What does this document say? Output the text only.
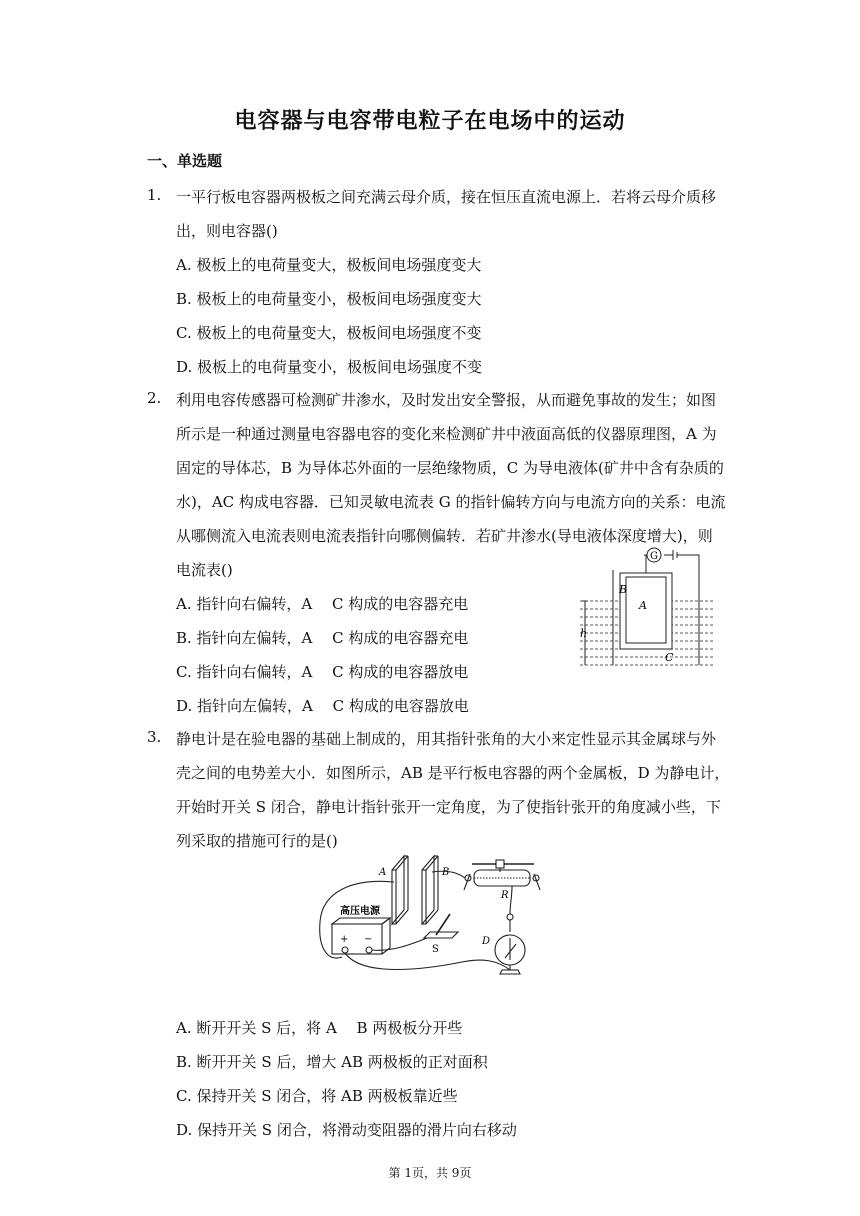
电容器与电容带电粒子在电场中的运动
一、单选题
1. 一平行板电容器两极板之间充满云母介质，接在恒压直流电源上．若将云母介质移
出，则电容器()
A. 极板上的电荷量变大，极板间电场强度变大
B. 极板上的电荷量变小，极板间电场强度变大
C. 极板上的电荷量变大，极板间电场强度不变
D. 极板上的电荷量变小，极板间电场强度不变
2. 利用电容传感器可检测矿井渗水，及时发出安全警报，从而避免事故的发生；如图
所示是一种通过测量电容器电容的变化来检测矿井中液面高低的仪器原理图，A 为
固定的导体芯，B 为导体芯外面的一层绝缘物质，C 为导电液体(矿井中含有杂质的
水)，AC 构成电容器．已知灵敏电流表 G 的指针偏转方向与电流方向的关系：电流
从哪侧流入电流表则电流表指针向哪侧偏转．若矿井渗水(导电液体深度增大)，则
电流表()
A. 指针向右偏转，A　 C 构成的电容器充电
B. 指针向左偏转，A　 C 构成的电容器充电
C. 指针向右偏转，A　 C 构成的电容器放电
D. 指针向左偏转，A　 C 构成的电容器放电
G
B
A
h
C
3. 静电计是在验电器的基础上制成的，用其指针张角的大小来定性显示其金属球与外
壳之间的电势差大小．如图所示，AB 是平行板电容器的两个金属板，D 为静电计，
开始时开关 S 闭合，静电计指针张开一定角度，为了使指针张开的角度减小些，下
列采取的措施可行的是()
A	B
R
高压电源
+ −
S
D
A. 断开开关 S 后，将 A　 B 两极板分开些
B. 断开开关 S 后，增大 AB 两极板的正对面积
C. 保持开关 S 闭合，将 AB 两极板靠近些
D. 保持开关 S 闭合，将滑动变阻器的滑片向右移动
第 1页，共 9页
